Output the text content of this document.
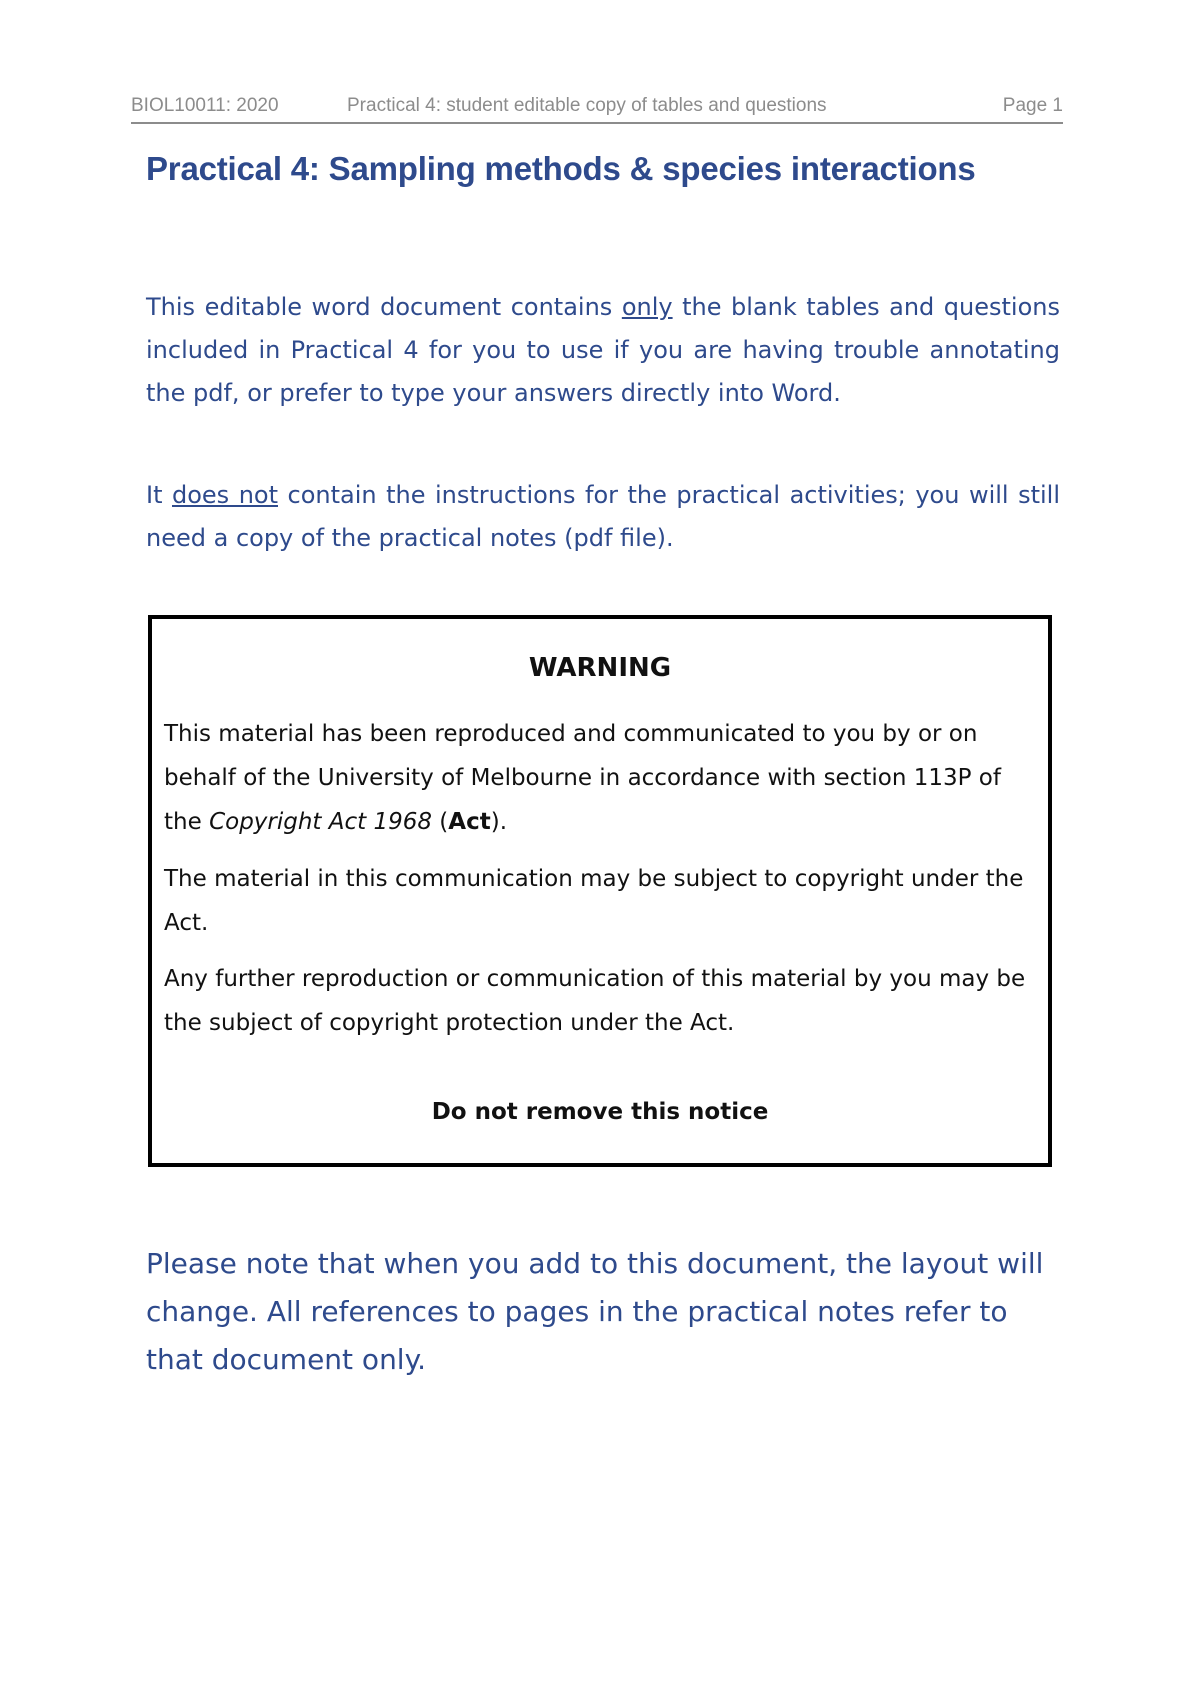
BIOL10011: 2020	Practical 4: student editable copy of tables and questions	Page 1
Practical 4: Sampling methods & species interactions

This editable word document contains only the blank tables and questions included in Practical 4 for you to use if you are having trouble annotating the pdf, or prefer to type your answers directly into Word.

It does not contain the instructions for the practical activities; you will still need a copy of the practical notes (pdf file).

WARNING

This material has been reproduced and communicated to you by or on behalf of the University of Melbourne in accordance with section 113P of the Copyright Act 1968 (Act).

The material in this communication may be subject to copyright under the Act.

Any further reproduction or communication of this material by you may be the subject of copyright protection under the Act.

Do not remove this notice

Please note that when you add to this document, the layout will change. All references to pages in the practical notes refer to that document only.
